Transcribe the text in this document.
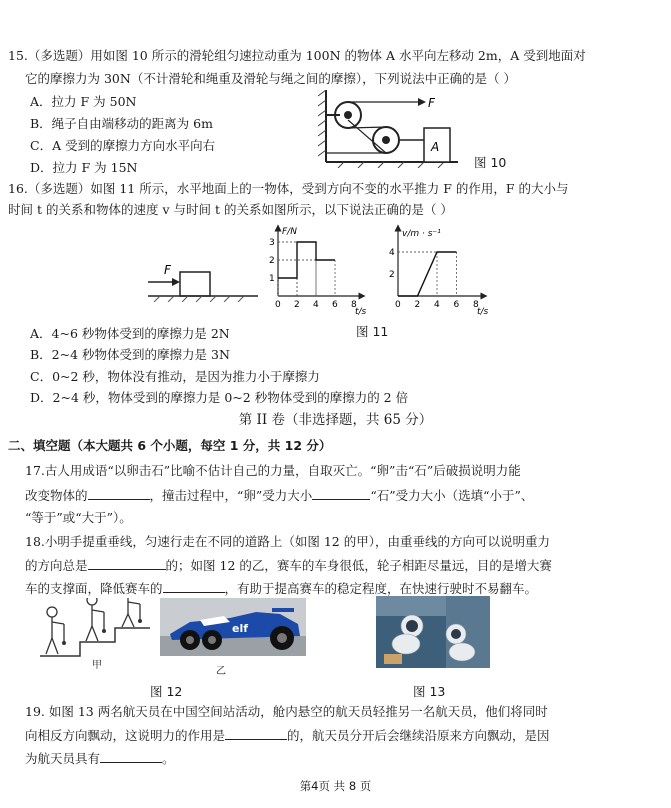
15.（多选题）用如图 10 所示的滑轮组匀速拉动重为 100N 的物体 A 水平向左移动 2m，A 受到地面对
它的摩擦力为 30N（不计滑轮和绳重及滑轮与绳之间的摩擦），下列说法中正确的是（ ）
A．拉力 F 为 50N
B．绳子自由端移动的距离为 6m
C．A 受到的摩擦力方向水平向右
D．拉力 F 为 15N
F
A
图 10
16.（多选题）如图 11 所示，水平地面上的一物体，受到方向不变的水平推力 F 的作用，F 的大小与
时间 t 的关系和物体的速度 v 与时间 t 的关系如图所示，以下说法正确的是（ ）
F
F/N
t/s
0 2 4 6 8
1
2
3
v/m · s⁻¹
t/s
0 2 4 6 8
2
4
图 11
A．4~6 秒物体受到的摩擦力是 2N
B．2~4 秒物体受到的摩擦力是 3N
C．0~2 秒，物体没有推动，是因为推力小于摩擦力
D．2~4 秒，物体受到的摩擦力是 0~2 秒物体受到的摩擦力的 2 倍
第 II 卷（非选择题，共 65 分）
二、填空题（本大题共 6 个小题，每空 1 分，共 12 分）
17.古人用成语“以卵击石”比喻不估计自己的力量，自取灭亡。“卵”击“石”后破损说明力能
改变物体的	，撞击过程中，“卵”受力大小	“石”受力大小（选填“小于”、
“等于”或“大于”）。
18.小明手提重垂线，匀速行走在不同的道路上（如图 12 的甲），由重垂线的方向可以说明重力
的方向总是	的；如图 12 的乙，赛车的车身很低，轮子相距尽量远，目的是增大赛
车的支撑面，降低赛车的	，有助于提高赛车的稳定程度，在快速行驶时不易翻车。
甲
elf
乙
图 12	图 13
19. 如图 13 两名航天员在中国空间站活动，舱内悬空的航天员轻推另一名航天员，他们将同时
向相反方向飘动，这说明力的作用是	的，航天员分开后会继续沿原来方向飘动，是因
为航天员具有	。
第4页 共 8 页
